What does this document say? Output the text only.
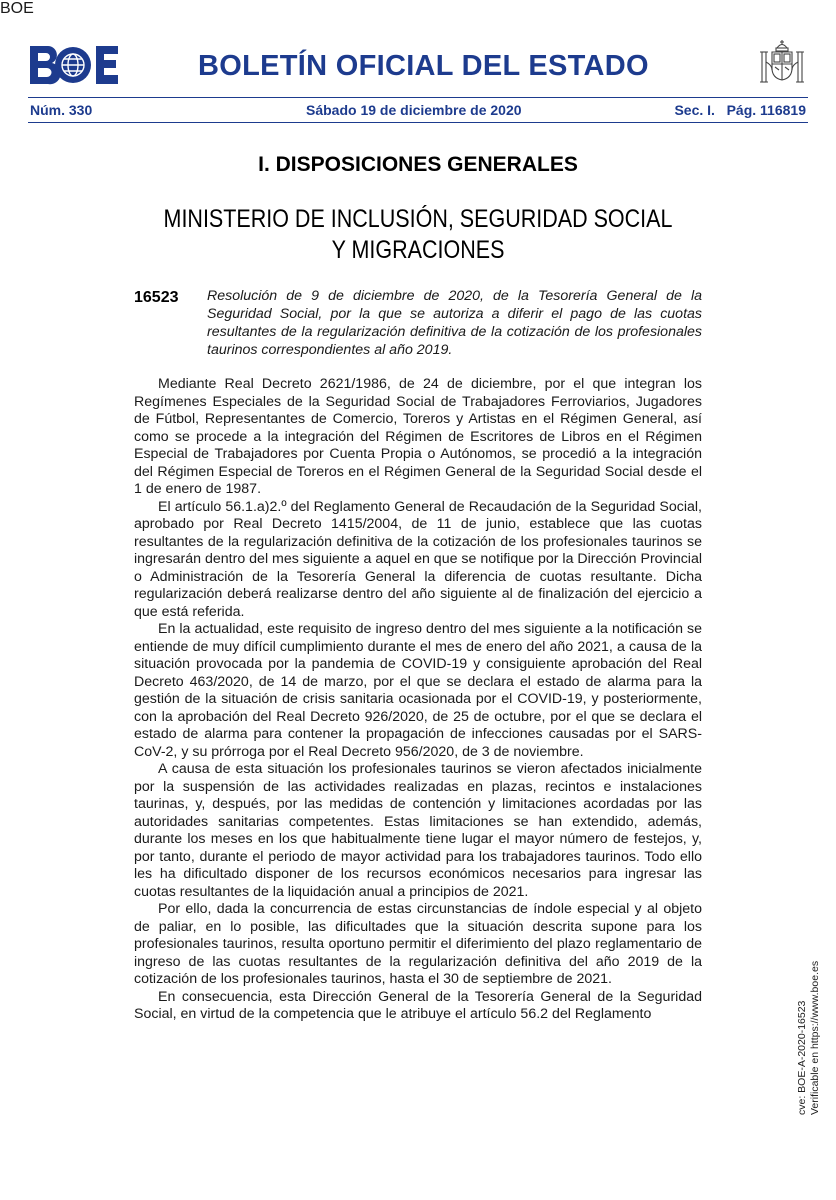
BOE
BOLETÍN OFICIAL DEL ESTADO
Núm. 330	Sábado 19 de diciembre de 2020	Sec. I.   Pág. 116819
I. DISPOSICIONES GENERALES
MINISTERIO DE INCLUSIÓN, SEGURIDAD SOCIAL
Y MIGRACIONES
16523 Resolución de 9 de diciembre de 2020, de la Tesorería General de la Seguridad Social, por la que se autoriza a diferir el pago de las cuotas resultantes de la regularización definitiva de la cotización de los profesionales taurinos correspondientes al año 2019.

Mediante Real Decreto 2621/1986, de 24 de diciembre, por el que integran los Regímenes Especiales de la Seguridad Social de Trabajadores Ferroviarios, Jugadores de Fútbol, Representantes de Comercio, Toreros y Artistas en el Régimen General, así como se procede a la integración del Régimen de Escritores de Libros en el Régimen Especial de Trabajadores por Cuenta Propia o Autónomos, se procedió a la integración del Régimen Especial de Toreros en el Régimen General de la Seguridad Social desde el 1 de enero de 1987.

El artículo 56.1.a)2.º del Reglamento General de Recaudación de la Seguridad Social, aprobado por Real Decreto 1415/2004, de 11 de junio, establece que las cuotas resultantes de la regularización definitiva de la cotización de los profesionales taurinos se ingresarán dentro del mes siguiente a aquel en que se notifique por la Dirección Provincial o Administración de la Tesorería General la diferencia de cuotas resultante. Dicha regularización deberá realizarse dentro del año siguiente al de finalización del ejercicio a que está referida.

En la actualidad, este requisito de ingreso dentro del mes siguiente a la notificación se entiende de muy difícil cumplimiento durante el mes de enero del año 2021, a causa de la situación provocada por la pandemia de COVID-19 y consiguiente aprobación del Real Decreto 463/2020, de 14 de marzo, por el que se declara el estado de alarma para la gestión de la situación de crisis sanitaria ocasionada por el COVID-19, y posteriormente, con la aprobación del Real Decreto 926/2020, de 25 de octubre, por el que se declara el estado de alarma para contener la propagación de infecciones causadas por el SARS-CoV-2, y su prórroga por el Real Decreto 956/2020, de 3 de noviembre.

A causa de esta situación los profesionales taurinos se vieron afectados inicialmente por la suspensión de las actividades realizadas en plazas, recintos e instalaciones taurinas, y, después, por las medidas de contención y limitaciones acordadas por las autoridades sanitarias competentes. Estas limitaciones se han extendido, además, durante los meses en los que habitualmente tiene lugar el mayor número de festejos, y, por tanto, durante el periodo de mayor actividad para los trabajadores taurinos. Todo ello les ha dificultado disponer de los recursos económicos necesarios para ingresar las cuotas resultantes de la liquidación anual a principios de 2021.

Por ello, dada la concurrencia de estas circunstancias de índole especial y al objeto de paliar, en lo posible, las dificultades que la situación descrita supone para los profesionales taurinos, resulta oportuno permitir el diferimiento del plazo reglamentario de ingreso de las cuotas resultantes de la regularización definitiva del año 2019 de la cotización de los profesionales taurinos, hasta el 30 de septiembre de 2021.

En consecuencia, esta Dirección General de la Tesorería General de la Seguridad Social, en virtud de la competencia que le atribuye el artículo 56.2 del Reglamento	cve: BOE-A-2020-16523 Verificable en https://www.boe.es
